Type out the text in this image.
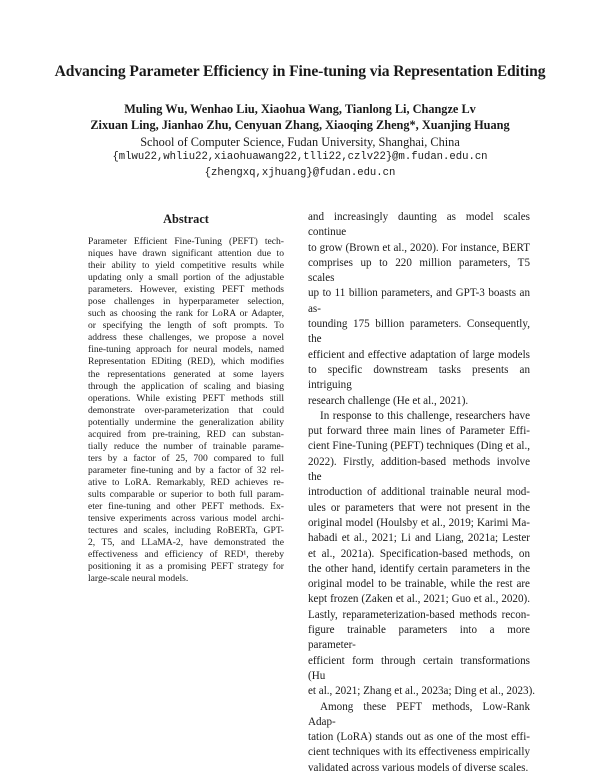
Advancing Parameter Efficiency in Fine-tuning via Representation Editing
Muling Wu, Wenhao Liu, Xiaohua Wang, Tianlong Li, Changze Lv
Zixuan Ling, Jianhao Zhu, Cenyuan Zhang, Xiaoqing Zheng*, Xuanjing Huang
School of Computer Science, Fudan University, Shanghai, China
{mlwu22,whliu22,xiaohuawang22,tlli22,czlv22}@m.fudan.edu.cn
{zhengxq,xjhuang}@fudan.edu.cn
Abstract
Parameter Efficient Fine-Tuning (PEFT) tech-
niques have drawn significant attention due to
their ability to yield competitive results while
updating only a small portion of the adjustable
parameters. However, existing PEFT methods
pose challenges in hyperparameter selection,
such as choosing the rank for LoRA or Adapter,
or specifying the length of soft prompts. To
address these challenges, we propose a novel
fine-tuning approach for neural models, named
Representation EDiting (RED), which modifies
the representations generated at some layers
through the application of scaling and biasing
operations. While existing PEFT methods still
demonstrate over-parameterization that could
potentially undermine the generalization ability
acquired from pre-training, RED can substan-
tially reduce the number of trainable parame-
ters by a factor of 25, 700 compared to full
parameter fine-tuning and by a factor of 32 rel-
ative to LoRA. Remarkably, RED achieves re-
sults comparable or superior to both full param-
eter fine-tuning and other PEFT methods. Ex-
tensive experiments across various model archi-
tectures and scales, including RoBERTa, GPT-
2, T5, and LLaMA-2, have demonstrated the
effectiveness and efficiency of RED¹, thereby
positioning it as a promising PEFT strategy for
large-scale neural models.
and increasingly daunting as model scales continue
to grow (Brown et al., 2020). For instance, BERT
comprises up to 220 million parameters, T5 scales
up to 11 billion parameters, and GPT-3 boasts an as-
tounding 175 billion parameters. Consequently, the
efficient and effective adaptation of large models
to specific downstream tasks presents an intriguing
research challenge (He et al., 2021).
In response to this challenge, researchers have
put forward three main lines of Parameter Effi-
cient Fine-Tuning (PEFT) techniques (Ding et al.,
2022). Firstly, addition-based methods involve the
introduction of additional trainable neural mod-
ules or parameters that were not present in the
original model (Houlsby et al., 2019; Karimi Ma-
habadi et al., 2021; Li and Liang, 2021a; Lester
et al., 2021a). Specification-based methods, on
the other hand, identify certain parameters in the
original model to be trainable, while the rest are
kept frozen (Zaken et al., 2021; Guo et al., 2020).
Lastly, reparameterization-based methods recon-
figure trainable parameters into a more parameter-
efficient form through certain transformations (Hu
et al., 2021; Zhang et al., 2023a; Ding et al., 2023).
Among these PEFT methods, Low-Rank Adap-
tation (LoRA) stands out as one of the most effi-
cient techniques with its effectiveness empirically
validated across various models of diverse scales.
